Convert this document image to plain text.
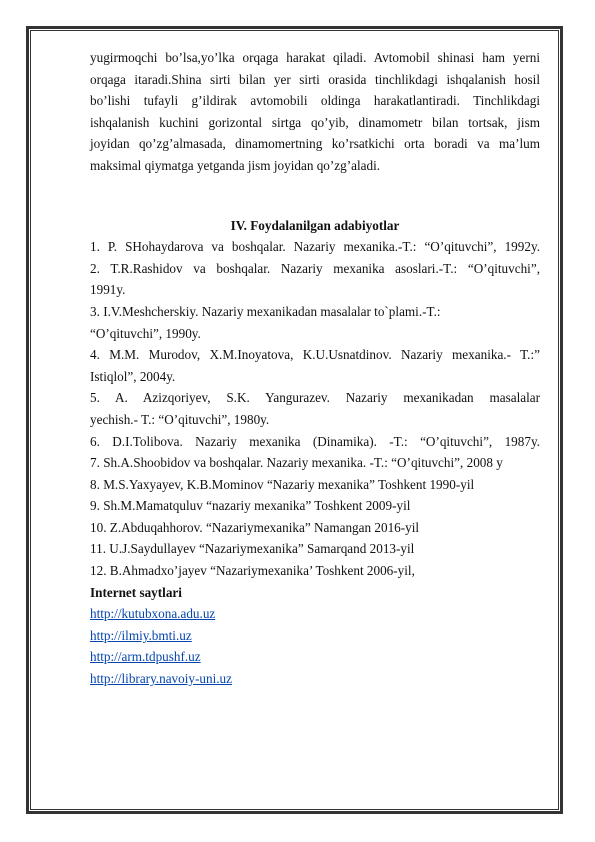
yugirmoqchi bo’lsa,yo’lka orqaga harakat qiladi. Avtomobil shinasi ham yerni
orqaga itaradi.Shina sirti bilan yer sirti orasida tinchlikdagi ishqalanish hosil
bo’lishi tufayli g’ildirak avtomobili oldinga harakatlantiradi. Tinchlikdagi
ishqalanish kuchini gorizontal sirtga qo’yib, dinamometr bilan tortsak, jism
joyidan qo’zg’almasada, dinamomertning ko’rsatkichi orta boradi va ma’lum
maksimal qiymatga yetganda jism joyidan qo’zg’aladi.

IV. Foydalanilgan adabiyotlar
1. P. SHohaydarova va boshqalar. Nazariy mexanika.-T.: “O’qituvchi”, 1992y.
2. T.R.Rashidov va boshqalar. Nazariy mexanika asoslari.-T.: “O’qituvchi”,
1991y.
3. I.V.Meshcherskiy. Nazariy mexanikadan masalalar to`plami.-T.:
“O’qituvchi”, 1990y.
4. M.M. Murodov, X.M.Inoyatova, K.U.Usnatdinov. Nazariy mexanika.- T.:”
Istiqlol”, 2004y.
5. A. Azizqoriyev, S.K. Yangurazev. Nazariy mexanikadan masalalar
yechish.- T.: “O’qituvchi”, 1980y.
6. D.I.Tolibova. Nazariy mexanika (Dinamika). -T.: “O’qituvchi”, 1987y.
7. Sh.A.Shoobidov va boshqalar. Nazariy mexanika. -T.: “O’qituvchi”, 2008 y
8. M.S.Yaxyayev, K.B.Mominov “Nazariy mexanika” Toshkent 1990-yil
9. Sh.M.Mamatquluv “nazariy mexanika” Toshkent 2009-yil
10. Z.Abduqahhorov. “Nazariymexanika” Namangan 2016-yil
11. U.J.Saydullayev “Nazariymexanika” Samarqand 2013-yil
12. B.Ahmadxo’jayev “Nazariymexanika’ Toshkent 2006-yil,
Internet saytlari
http://kutubxona.adu.uz
http://ilmiy.bmti.uz
http://arm.tdpushf.uz
http://library.navoiy-uni.uz
